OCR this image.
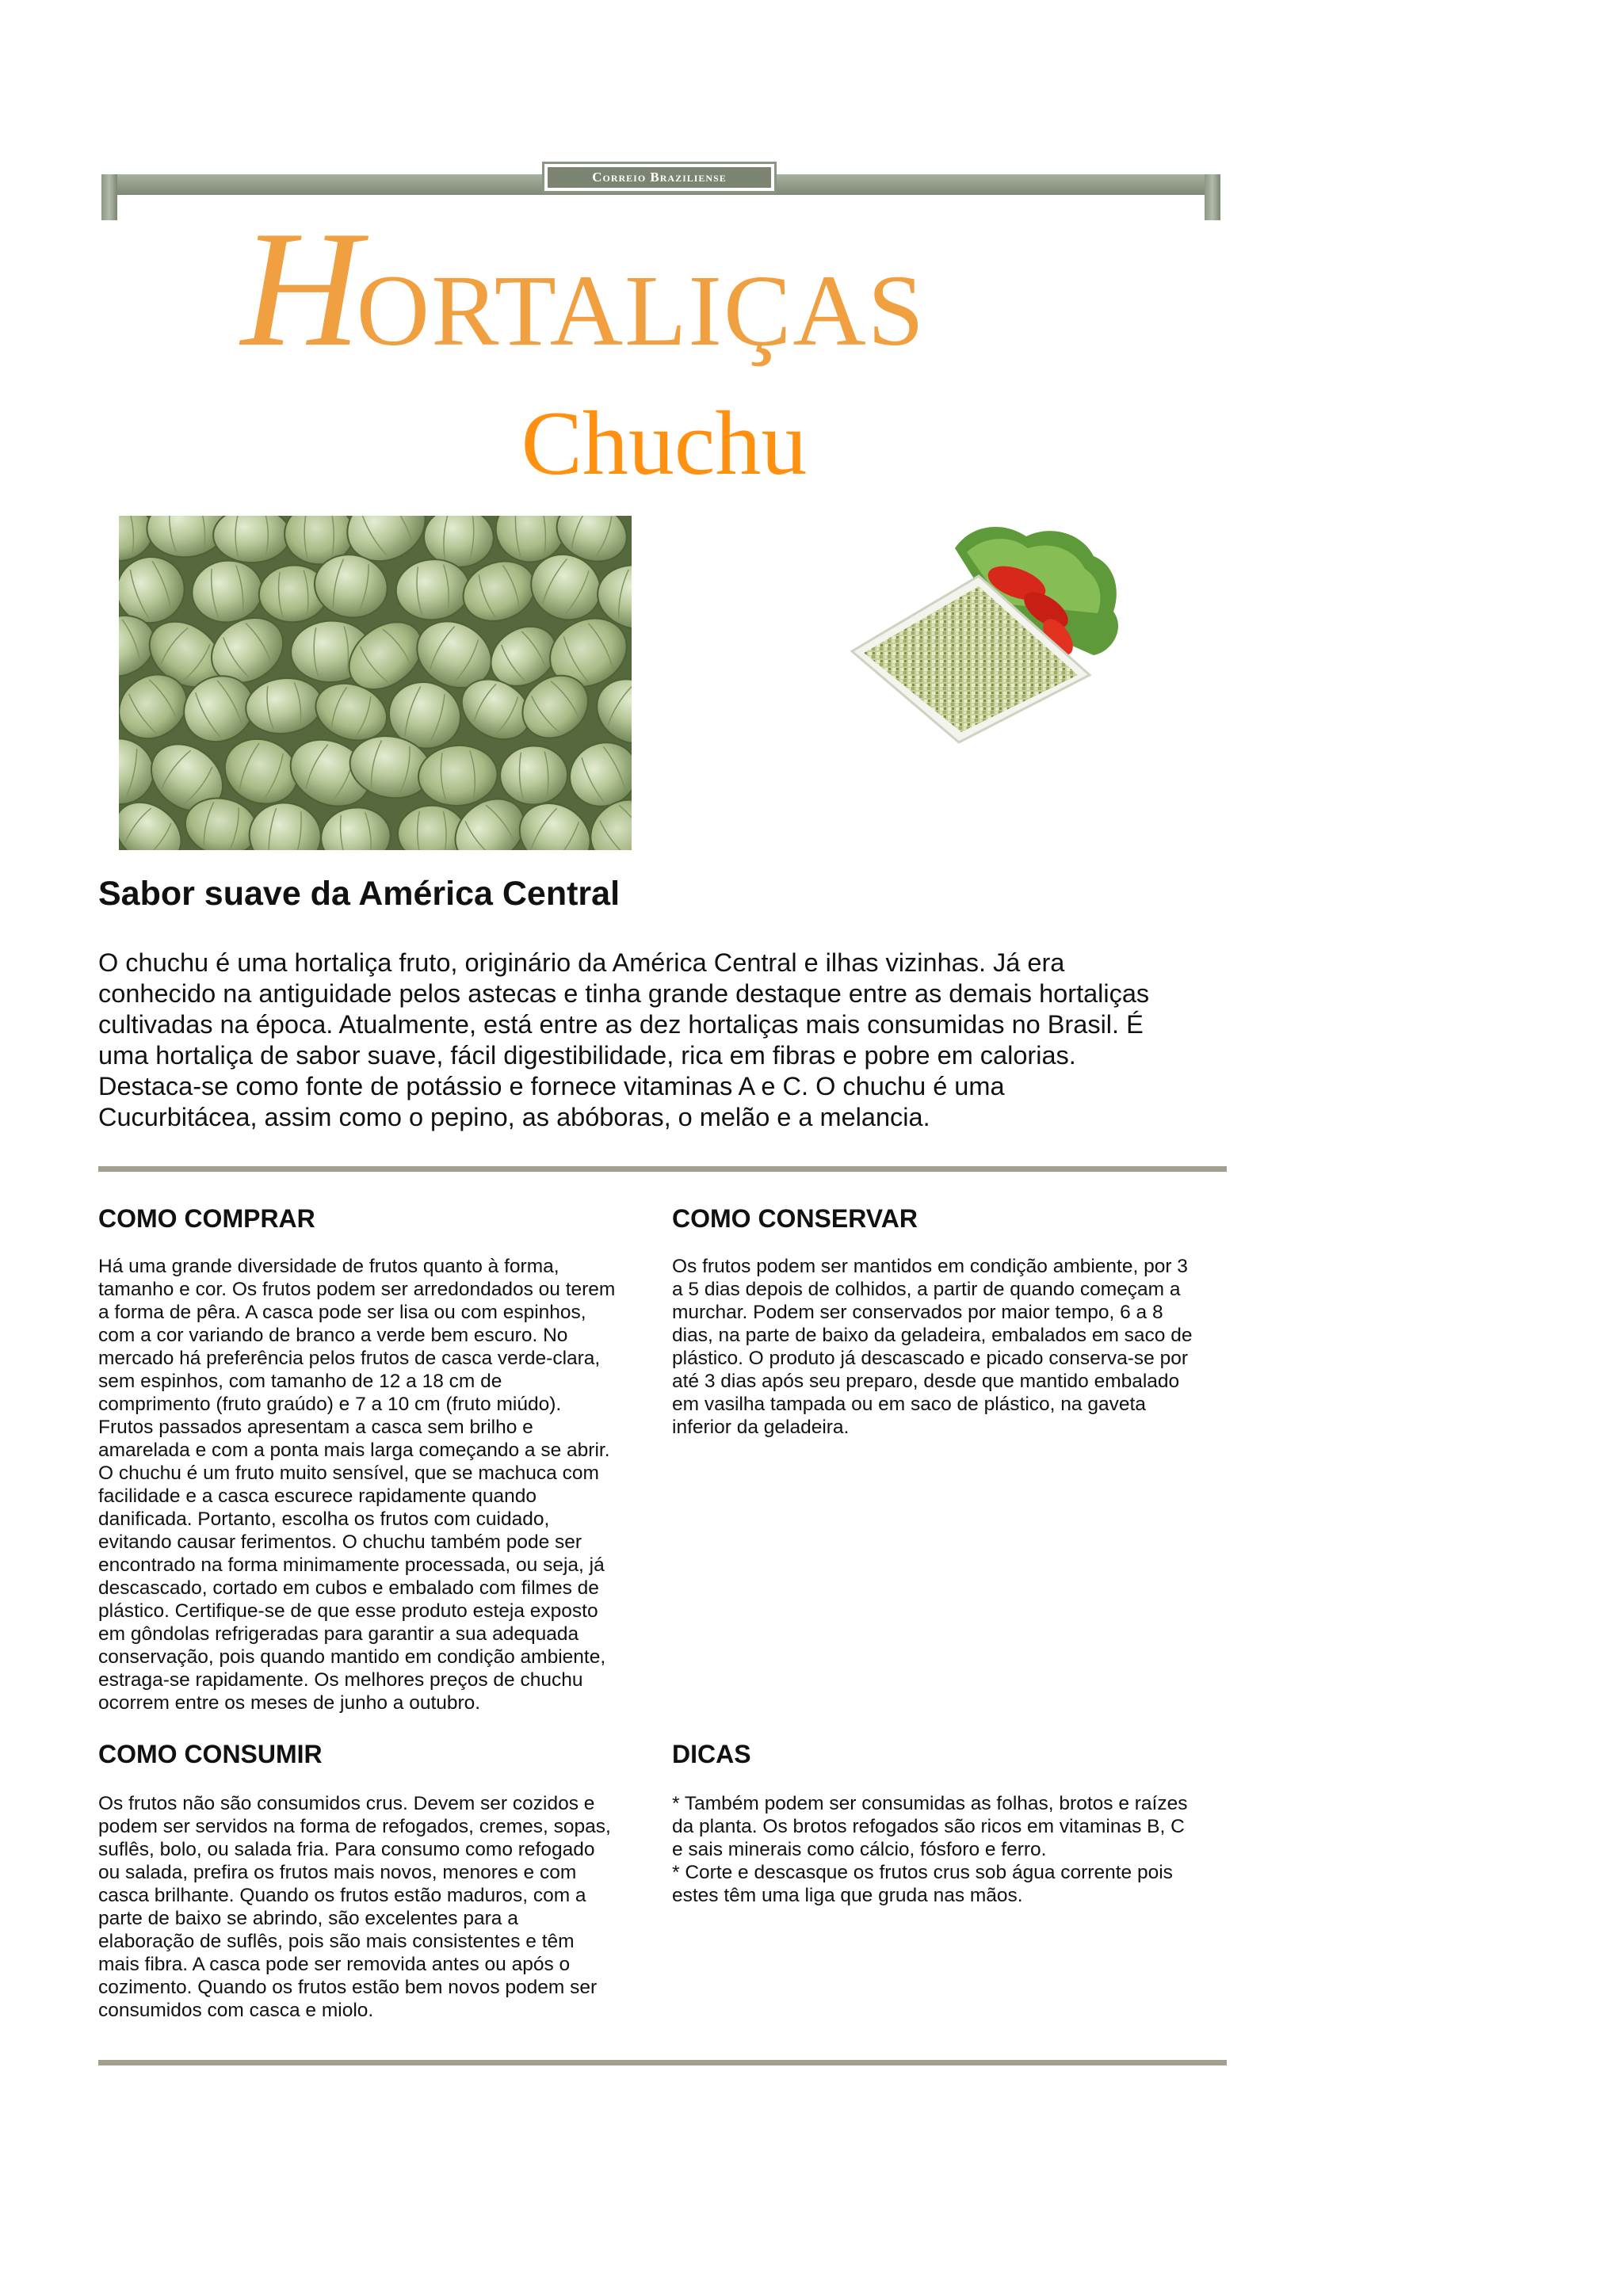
Correio Braziliense
HORTALIÇAS
Chuchu
Sabor suave da América Central

O chuchu é uma hortaliça fruto, originário da América Central e ilhas vizinhas. Já era
conhecido na antiguidade pelos astecas e tinha grande destaque entre as demais hortaliças
cultivadas na época. Atualmente, está entre as dez hortaliças mais consumidas no Brasil. É
uma hortaliça de sabor suave, fácil digestibilidade, rica em fibras e pobre em calorias.
Destaca-se como fonte de potássio e fornece vitaminas A e C. O chuchu é uma
Cucurbitácea, assim como o pepino, as abóboras, o melão e a melancia.

COMO COMPRAR

Há uma grande diversidade de frutos quanto à forma,
tamanho e cor. Os frutos podem ser arredondados ou terem
a forma de pêra. A casca pode ser lisa ou com espinhos,
com a cor variando de branco a verde bem escuro. No
mercado há preferência pelos frutos de casca verde-clara,
sem espinhos, com tamanho de 12 a 18 cm de
comprimento (fruto graúdo) e 7 a 10 cm (fruto miúdo).
Frutos passados apresentam a casca sem brilho e
amarelada e com a ponta mais larga começando a se abrir.
O chuchu é um fruto muito sensível, que se machuca com
facilidade e a casca escurece rapidamente quando
danificada. Portanto, escolha os frutos com cuidado,
evitando causar ferimentos. O chuchu também pode ser
encontrado na forma minimamente processada, ou seja, já
descascado, cortado em cubos e embalado com filmes de
plástico. Certifique-se de que esse produto esteja exposto
em gôndolas refrigeradas para garantir a sua adequada
conservação, pois quando mantido em condição ambiente,
estraga-se rapidamente. Os melhores preços de chuchu
ocorrem entre os meses de junho a outubro.

COMO CONSERVAR

Os frutos podem ser mantidos em condição ambiente, por 3
a 5 dias depois de colhidos, a partir de quando começam a
murchar. Podem ser conservados por maior tempo, 6 a 8
dias, na parte de baixo da geladeira, embalados em saco de
plástico. O produto já descascado e picado conserva-se por
até 3 dias após seu preparo, desde que mantido embalado
em vasilha tampada ou em saco de plástico, na gaveta
inferior da geladeira.

COMO CONSUMIR

Os frutos não são consumidos crus. Devem ser cozidos e
podem ser servidos na forma de refogados, cremes, sopas,
suflês, bolo, ou salada fria. Para consumo como refogado
ou salada, prefira os frutos mais novos, menores e com
casca brilhante. Quando os frutos estão maduros, com a
parte de baixo se abrindo, são excelentes para a
elaboração de suflês, pois são mais consistentes e têm
mais fibra. A casca pode ser removida antes ou após o
cozimento. Quando os frutos estão bem novos podem ser
consumidos com casca e miolo.

DICAS

* Também podem ser consumidas as folhas, brotos e raízes
da planta. Os brotos refogados são ricos em vitaminas B, C
e sais minerais como cálcio, fósforo e ferro.
* Corte e descasque os frutos crus sob água corrente pois
estes têm uma liga que gruda nas mãos.
